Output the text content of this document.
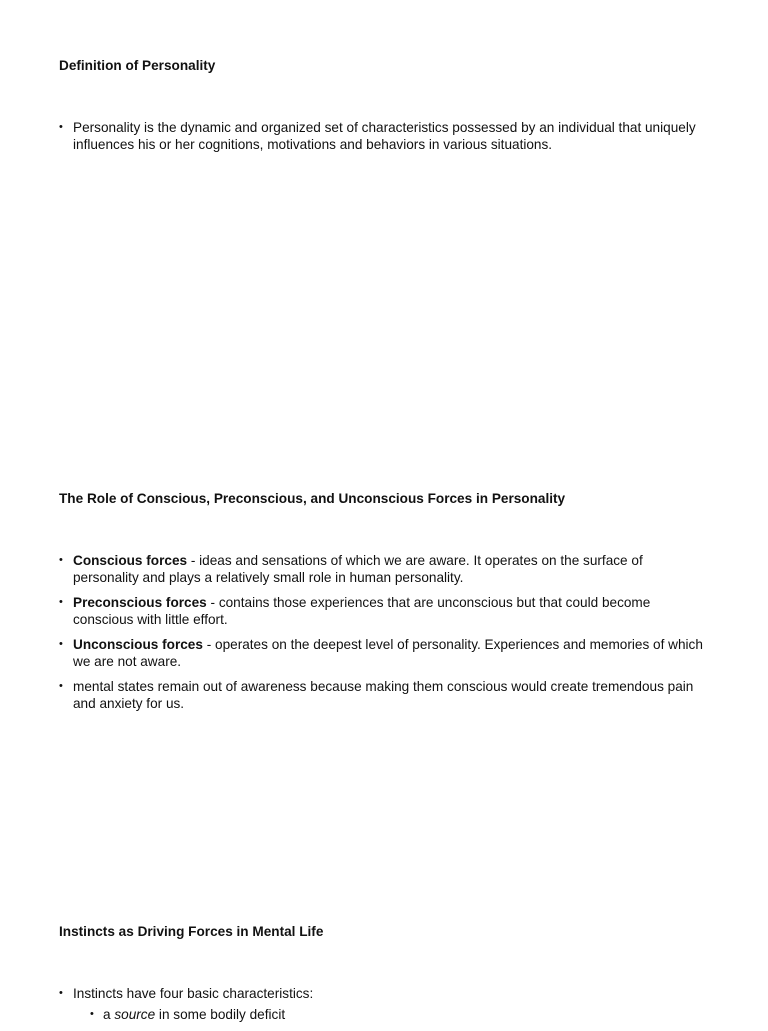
Definition of Personality
• Personality is the dynamic and organized set of characteristics possessed by an individual that uniquely influences his or her cognitions, motivations and behaviors in various situations.
The Role of Conscious, Preconscious, and Unconscious Forces in Personality
• Conscious forces - ideas and sensations of which we are aware. It operates on the surface of personality and plays a relatively small role in human personality.
• Preconscious forces - contains those experiences that are unconscious but that could become conscious with little effort.
• Unconscious forces - operates on the deepest level of personality. Experiences and memories of which we are not aware.
• mental states remain out of awareness because making them conscious would create tremendous pain and anxiety for us.
Instincts as Driving Forces in Mental Life
• Instincts have four basic characteristics:
• a source in some bodily deficit
